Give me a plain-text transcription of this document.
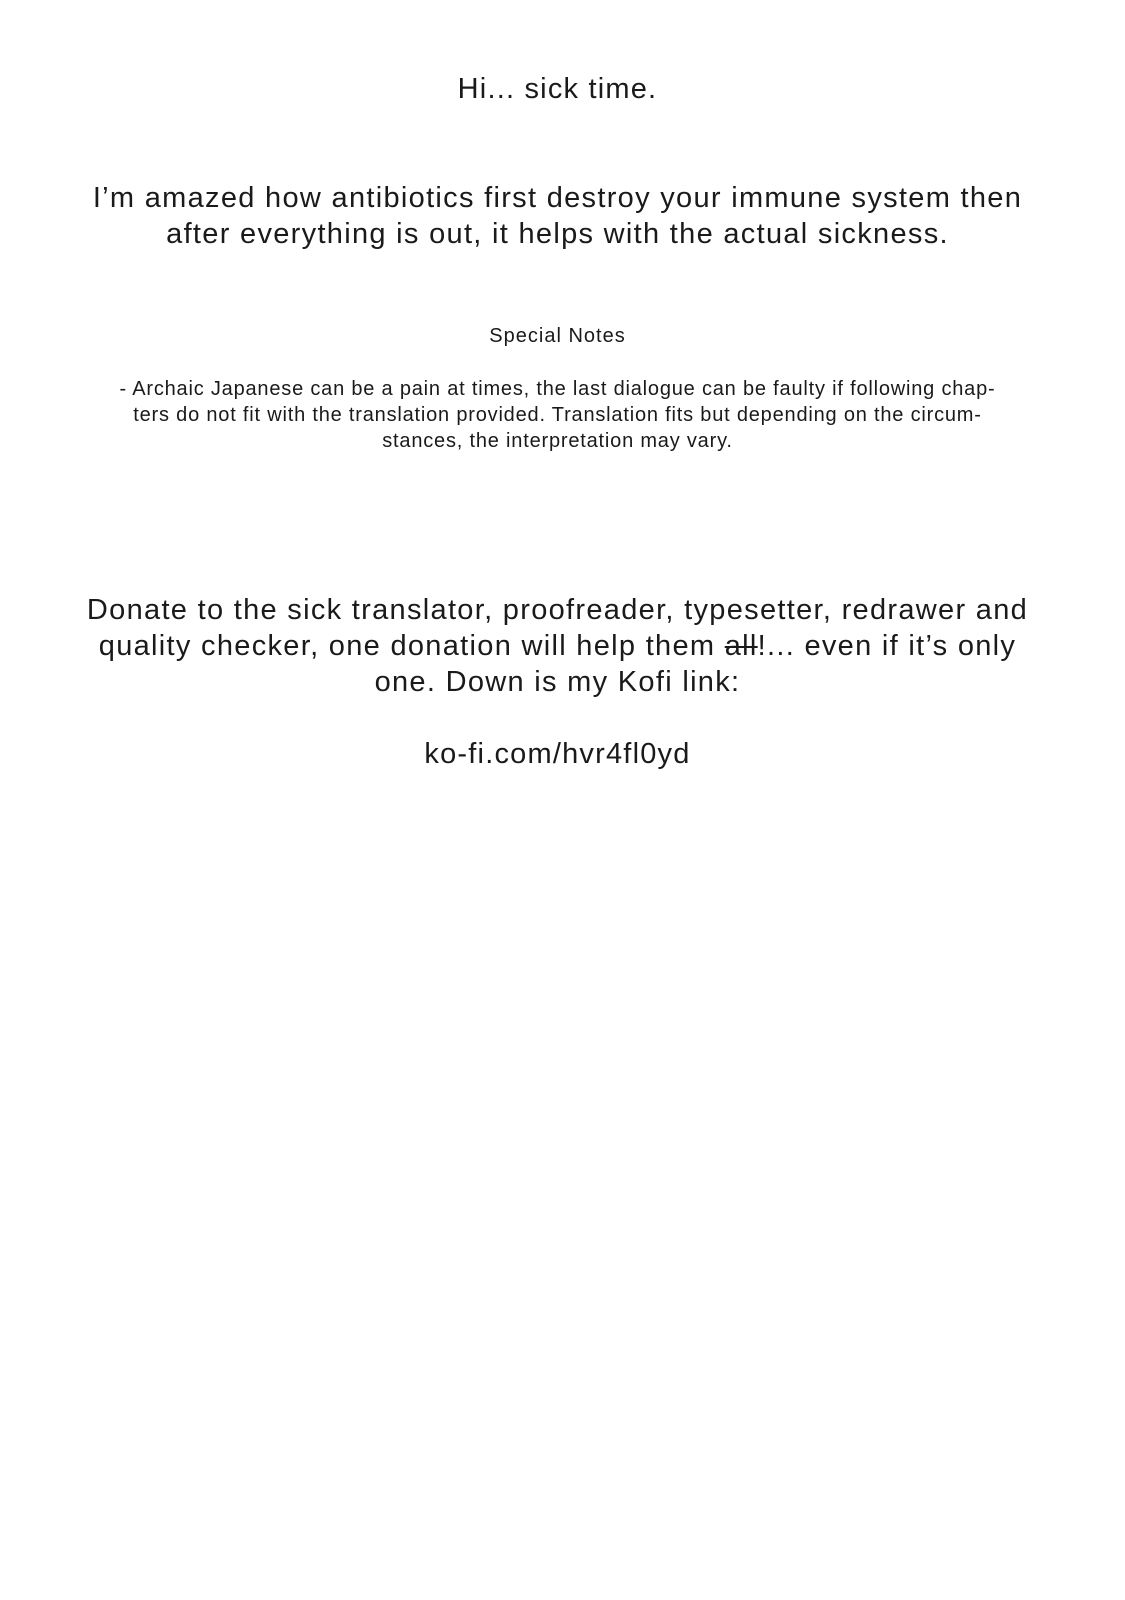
Hi... sick time.

I’m amazed how antibiotics first destroy your immune system then
after everything is out, it helps with the actual sickness.

Special Notes

- Archaic Japanese can be a pain at times, the last dialogue can be faulty if following chap-
ters do not fit with the translation provided. Translation fits but depending on the circum-
stances, the interpretation may vary.

Donate to the sick translator, proofreader, typesetter, redrawer and
quality checker, one donation will help them all!... even if it’s only
one. Down is my Kofi link:

ko-fi.com/hvr4fl0yd
